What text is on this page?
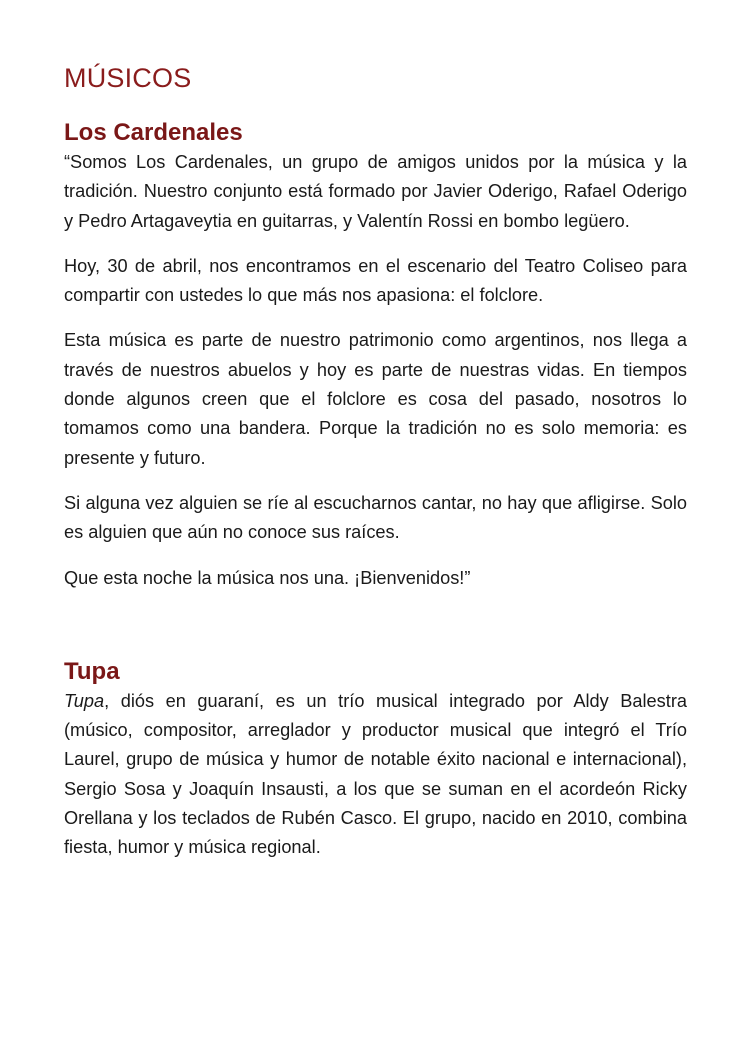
MÚSICOS
Los Cardenales

“Somos Los Cardenales, un grupo de amigos unidos por la música y la tradición. Nuestro conjunto está formado por Javier Oderigo, Rafael Oderigo y Pedro Artagaveytia en guitarras, y Valentín Rossi en bombo legüero.

Hoy, 30 de abril, nos encontramos en el escenario del Teatro Coliseo para compartir con ustedes lo que más nos apasiona: el folclore.

Esta música es parte de nuestro patrimonio como argentinos, nos llega a través de nuestros abuelos y hoy es parte de nuestras vidas. En tiempos donde algunos creen que el folclore es cosa del pasado, nosotros lo tomamos como una bandera. Porque la tradición no es solo memoria: es presente y futuro.

Si alguna vez alguien se ríe al escucharnos cantar, no hay que afligirse. Solo es alguien que aún no conoce sus raíces.

Que esta noche la música nos una. ¡Bienvenidos!”

Tupa

Tupa, diós en guaraní, es un trío musical integrado por Aldy Balestra (músico, compositor, arreglador y productor musical que integró el Trío Laurel, grupo de música y humor de notable éxito nacional e internacional), Sergio Sosa y Joaquín Insausti, a los que se suman en el acordeón Ricky Orellana y los teclados de Rubén Casco. El grupo, nacido en 2010, combina fiesta, humor y música regional.
